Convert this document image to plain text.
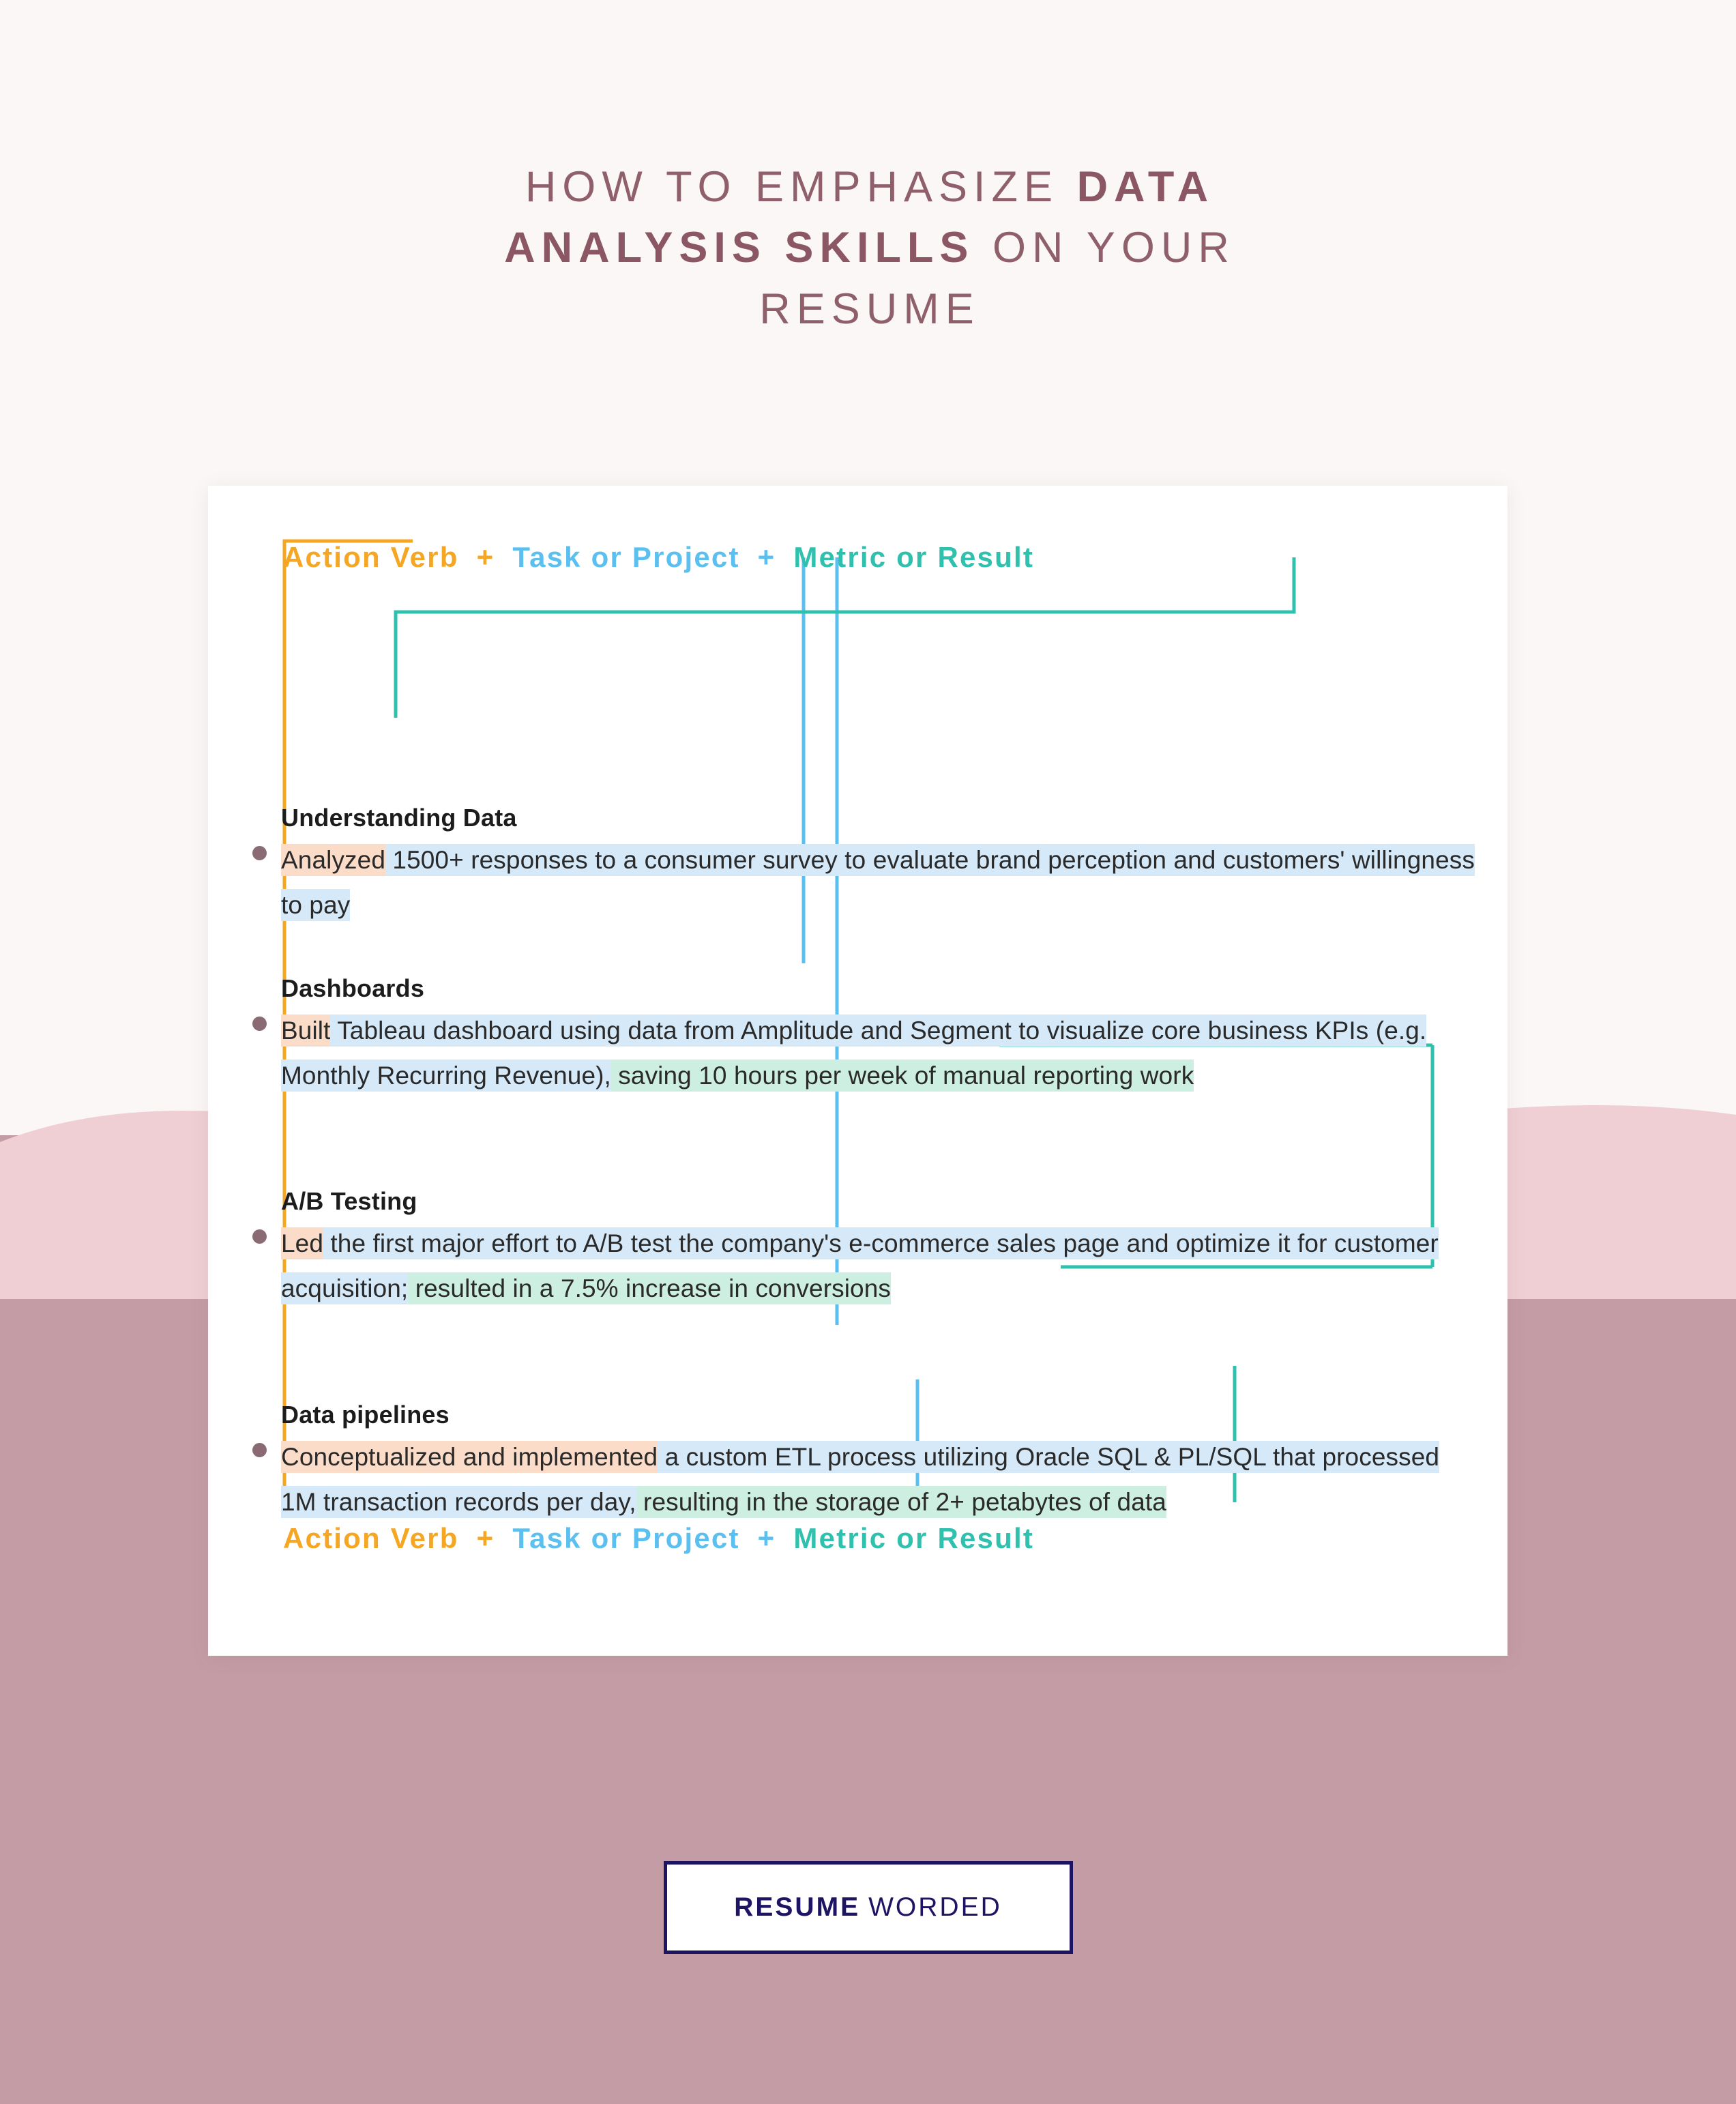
HOW TO EMPHASIZE DATA
ANALYSIS SKILLS ON YOUR
RESUME
Action Verb + Task or Project + Metric or Result
Understanding Data
Analyzed 1500+ responses to a consumer survey to evaluate brand perception and customers' willingness to pay
Dashboards
Built Tableau dashboard using data from Amplitude and Segment to visualize core business KPIs (e.g. Monthly Recurring Revenue), saving 10 hours per week of manual reporting work
A/B Testing
Led the first major effort to A/B test the company's e-commerce sales page and optimize it for customer acquisition; resulted in a 7.5% increase in conversions
Data pipelines
Conceptualized and implemented a custom ETL process utilizing Oracle SQL & PL/SQL that processed 1M transaction records per day, resulting in the storage of 2+ petabytes of data
Action Verb + Task or Project + Metric or Result
RESUME WORDED
